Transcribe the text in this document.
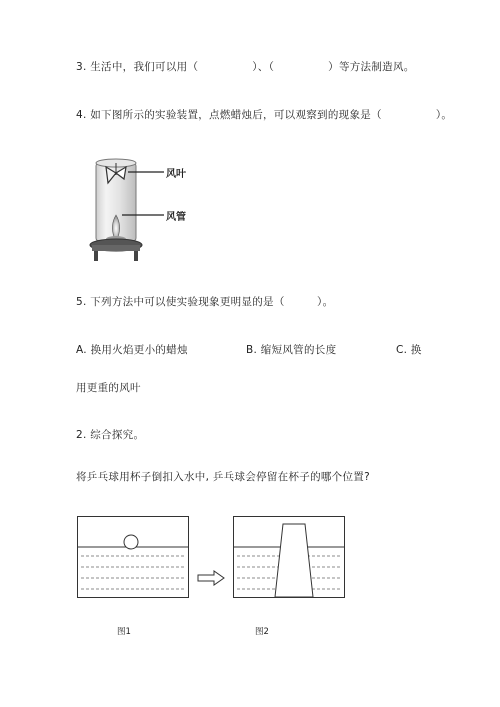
3. 生活中，我们可以用（　　　　　）、（　　　　　）等方法制造风。
4. 如下图所示的实验装置，点燃蜡烛后，可以观察到的现象是（　　　　　）。
风叶
风管
5. 下列方法中可以使实验现象更明显的是（　　　）。
A. 换用火焰更小的蜡烛	B. 缩短风管的长度	C. 换
用更重的风叶
2. 综合探究。
将乒乓球用杯子倒扣入水中, 乒乓球会停留在杯子的哪个位置?
图1	图2
